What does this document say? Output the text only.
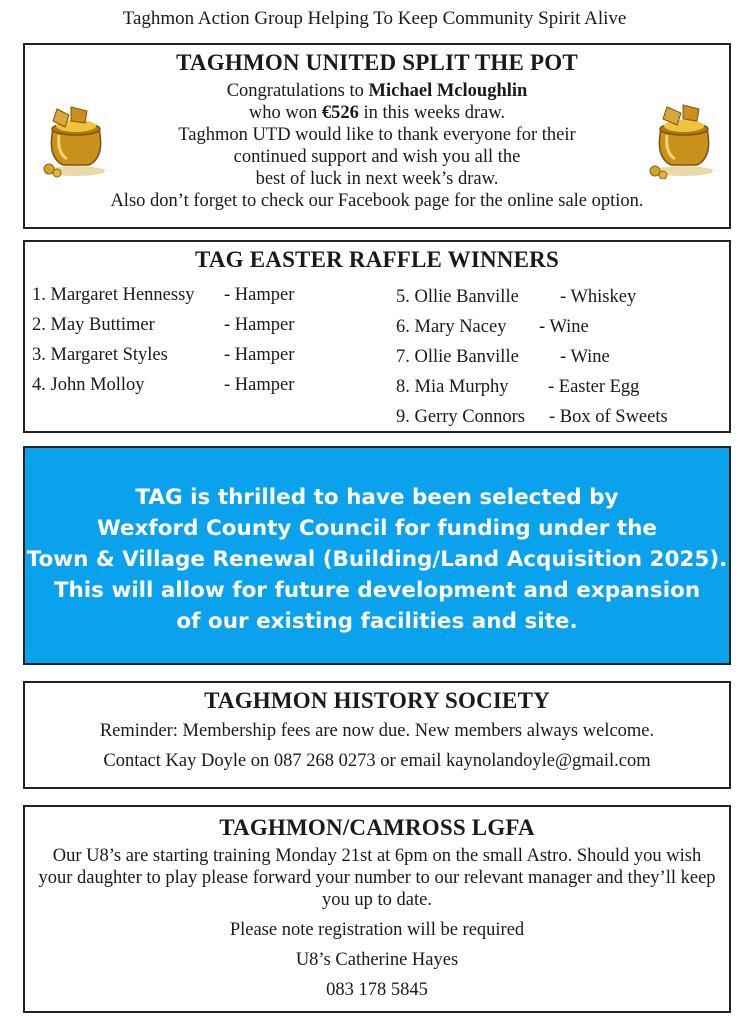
Taghmon Action Group Helping To Keep Community Spirit Alive
TAGHMON UNITED SPLIT THE POT
Congratulations to Michael Mcloughlin
who won €526 in this weeks draw.
Taghmon UTD would like to thank everyone for their
continued support and wish you all the
best of luck in next week’s draw.
Also don’t forget to check our Facebook page for the online sale option.
TAG EASTER RAFFLE WINNERS
1. Margaret Hennessy - Hamper
2. May Buttimer	- Hamper
3. Margaret Styles	- Hamper
4. John Molloy	- Hamper
5. Ollie Banville - Whiskey
6. Mary Nacey - Wine
7. Ollie Banville - Wine
8. Mia Murphy - Easter Egg
9. Gerry Connors - Box of Sweets
TAG is thrilled to have been selected by
Wexford County Council for funding under the
Town & Village Renewal (Building/Land Acquisition 2025).
This will allow for future development and expansion
of our existing facilities and site.
TAGHMON HISTORY SOCIETY
Reminder: Membership fees are now due. New members always welcome.
Contact Kay Doyle on 087 268 0273 or email kaynolandoyle@gmail.com
TAGHMON/CAMROSS LGFA
Our U8’s are starting training Monday 21st at 6pm on the small Astro. Should you wish your daughter to play please forward your number to our relevant manager and they’ll keep you up to date.
Please note registration will be required
U8’s Catherine Hayes
083 178 5845
